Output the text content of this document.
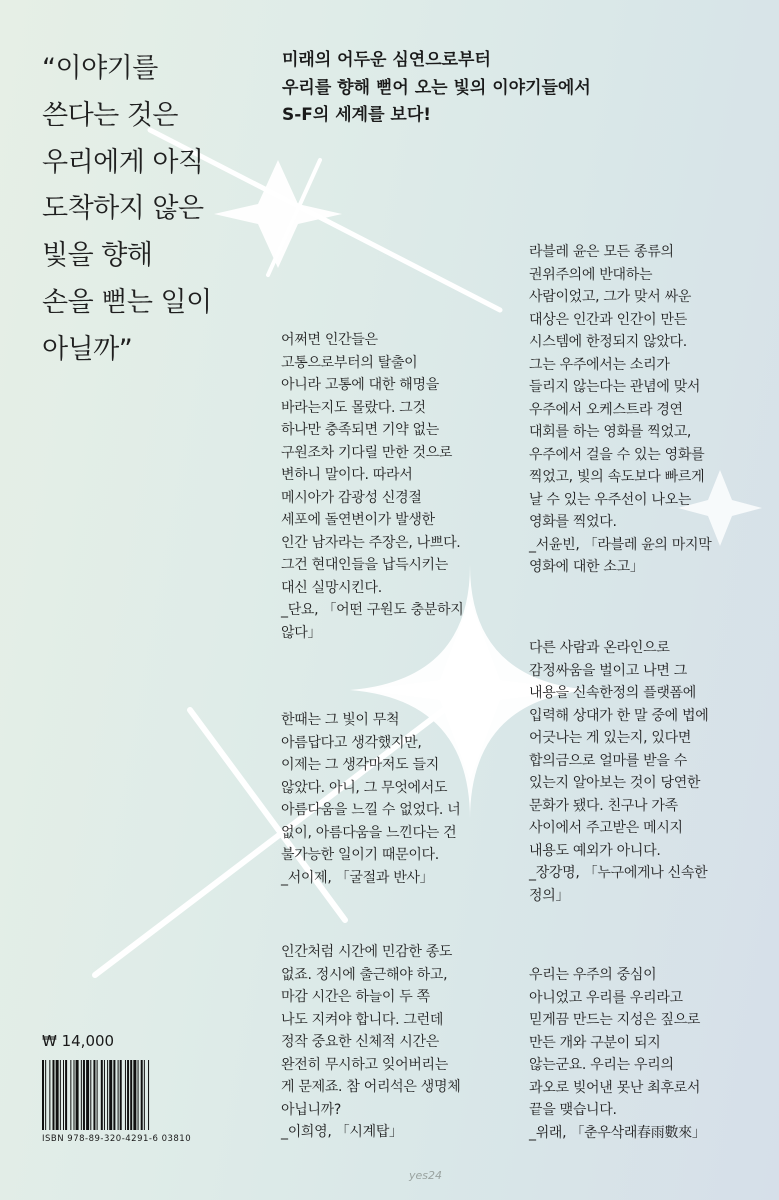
“이야기를
쓴다는 것은
우리에게 아직
도착하지 않은
빛을 향해
손을 뻗는 일이
아닐까”
미래의 어두운 심연으로부터
우리를 향해 뻗어 오는 빛의 이야기들에서
S-F의 세계를 보다!

어쩌면 인간들은
고통으로부터의 탈출이
아니라 고통에 대한 해명을
바라는지도 몰랐다. 그것
하나만 충족되면 기약 없는
구원조차 기다릴 만한 것으로
변하니 말이다. 따라서
메시아가 감광성 신경절
세포에 돌연변이가 발생한
인간 남자라는 주장은, 나쁘다.
그건 현대인들을 납득시키는
대신 실망시킨다.
_단요, 「어떤 구원도 충분하지
않다」

한때는 그 빛이 무척
아름답다고 생각했지만,
이제는 그 생각마저도 들지
않았다. 아니, 그 무엇에서도
아름다움을 느낄 수 없었다. 너
없이, 아름다움을 느낀다는 건
불가능한 일이기 때문이다.
_서이제, 「굴절과 반사」

인간처럼 시간에 민감한 종도
없죠. 정시에 출근해야 하고,
마감 시간은 하늘이 두 쪽
나도 지켜야 합니다. 그런데
정작 중요한 신체적 시간은
완전히 무시하고 잊어버리는
게 문제죠. 참 어리석은 생명체
아닙니까?
_이희영, 「시계탑」

라블레 윤은 모든 종류의
권위주의에 반대하는
사람이었고, 그가 맞서 싸운
대상은 인간과 인간이 만든
시스템에 한정되지 않았다.
그는 우주에서는 소리가
들리지 않는다는 관념에 맞서
우주에서 오케스트라 경연
대회를 하는 영화를 찍었고,
우주에서 걸을 수 있는 영화를
찍었고, 빛의 속도보다 빠르게
날 수 있는 우주선이 나오는
영화를 찍었다.
_서윤빈, 「라블레 윤의 마지막
영화에 대한 소고」

다른 사람과 온라인으로
감정싸움을 벌이고 나면 그
내용을 신속한정의 플랫폼에
입력해 상대가 한 말 중에 법에
어긋나는 게 있는지, 있다면
합의금으로 얼마를 받을 수
있는지 알아보는 것이 당연한
문화가 됐다. 친구나 가족
사이에서 주고받은 메시지
내용도 예외가 아니다.
_장강명, 「누구에게나 신속한
정의」

우리는 우주의 중심이
아니었고 우리를 우리라고
믿게끔 만드는 지성은 짚으로
만든 개와 구분이 되지
않는군요. 우리는 우리의
과오로 빚어낸 못난 최후로서
끝을 맺습니다.
_위래, 「춘우삭래春雨數來」

₩ 14,000
ISBN 978-89-320-4291-6 03810
yes24
